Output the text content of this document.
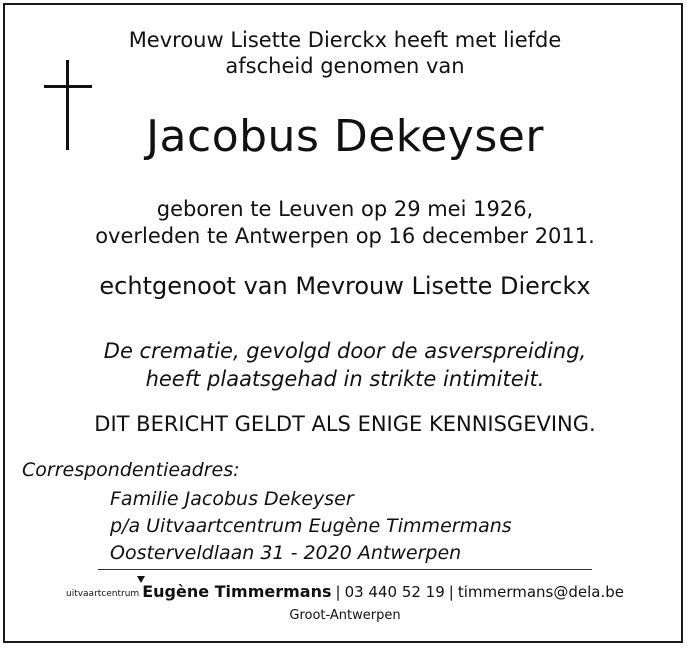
Mevrouw Lisette Dierckx heeft met liefde
afscheid genomen van
Jacobus Dekeyser
geboren te Leuven op 29 mei 1926,
overleden te Antwerpen op 16 december 2011.
echtgenoot van Mevrouw Lisette Dierckx
De crematie, gevolgd door de asverspreiding,
heeft plaatsgehad in strikte intimiteit.
DIT BERICHT GELDT ALS ENIGE KENNISGEVING.
Correspondentieadres:
Familie Jacobus Dekeyser
p/a Uitvaartcentrum Eugène Timmermans
Oosterveldlaan 31 - 2020 Antwerpen
uitvaartcentrum Eugène Timmermans | 03 440 52 19 | timmermans@dela.be
Groot-Antwerpen
